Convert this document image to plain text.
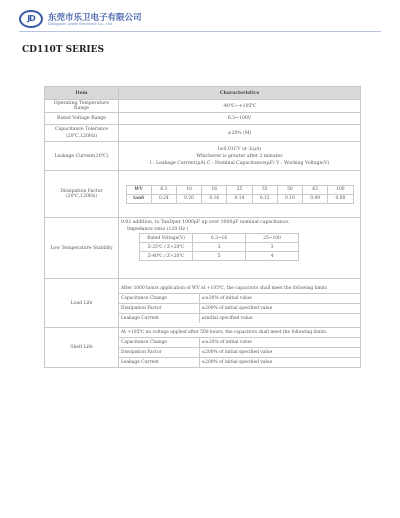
JD	东莞市乐卫电子有限公司
Dongguan Lewei Electronic Co., Ltd.
CD110T SERIES
Item	Characteristics
Operating Temperature Range	-40℃~+105℃
Rated Voltage Range	6.3~100V

Capacitance Tolerance
(20℃,120Hz)
	±20% (M)
Leakage Current(20℃)	
I≤0.01CV or 3(μA)
Whichever is greater after 2 minutes
I : Leakage Current(μA) C : Nominal Capacitance(μF) V : Working Voltage(V)

Dissipation Factor (20℃,120Hz)	
WV	6.3	10	16	25	35	50	63	100
tanδ	0.24	0.20	0.16	0.14	0.12	0.10	0.09	0.08

Low Temperature Stability	
0.02 addition, to TanDper 1000μF up over 1000μF nominal capacitance.
Impedance ratio (120 Hz )
Rated Voltage(V)	6.3~16	25~100
Z-25℃ / Z+20℃	3	3
Z-40℃ / Z+20℃	5	4

Load Life	
After 1000 hours application of WV at +105℃, the capacitors shall meet the following limits
Capacitance Change	≤±20% of initial value
Dissipation Factor	≤200% of initial specified value
Leakage Current	≤initial specified value

Shelf Life	
At +105℃ no voltage applied after 500 hours, the capacitors shall meet the following limits.
Capacitance Change	≤±20% of initial value
Dissipation Factor	≤200% of initial specified value
Leakage Current	≤200% of initial specified value
